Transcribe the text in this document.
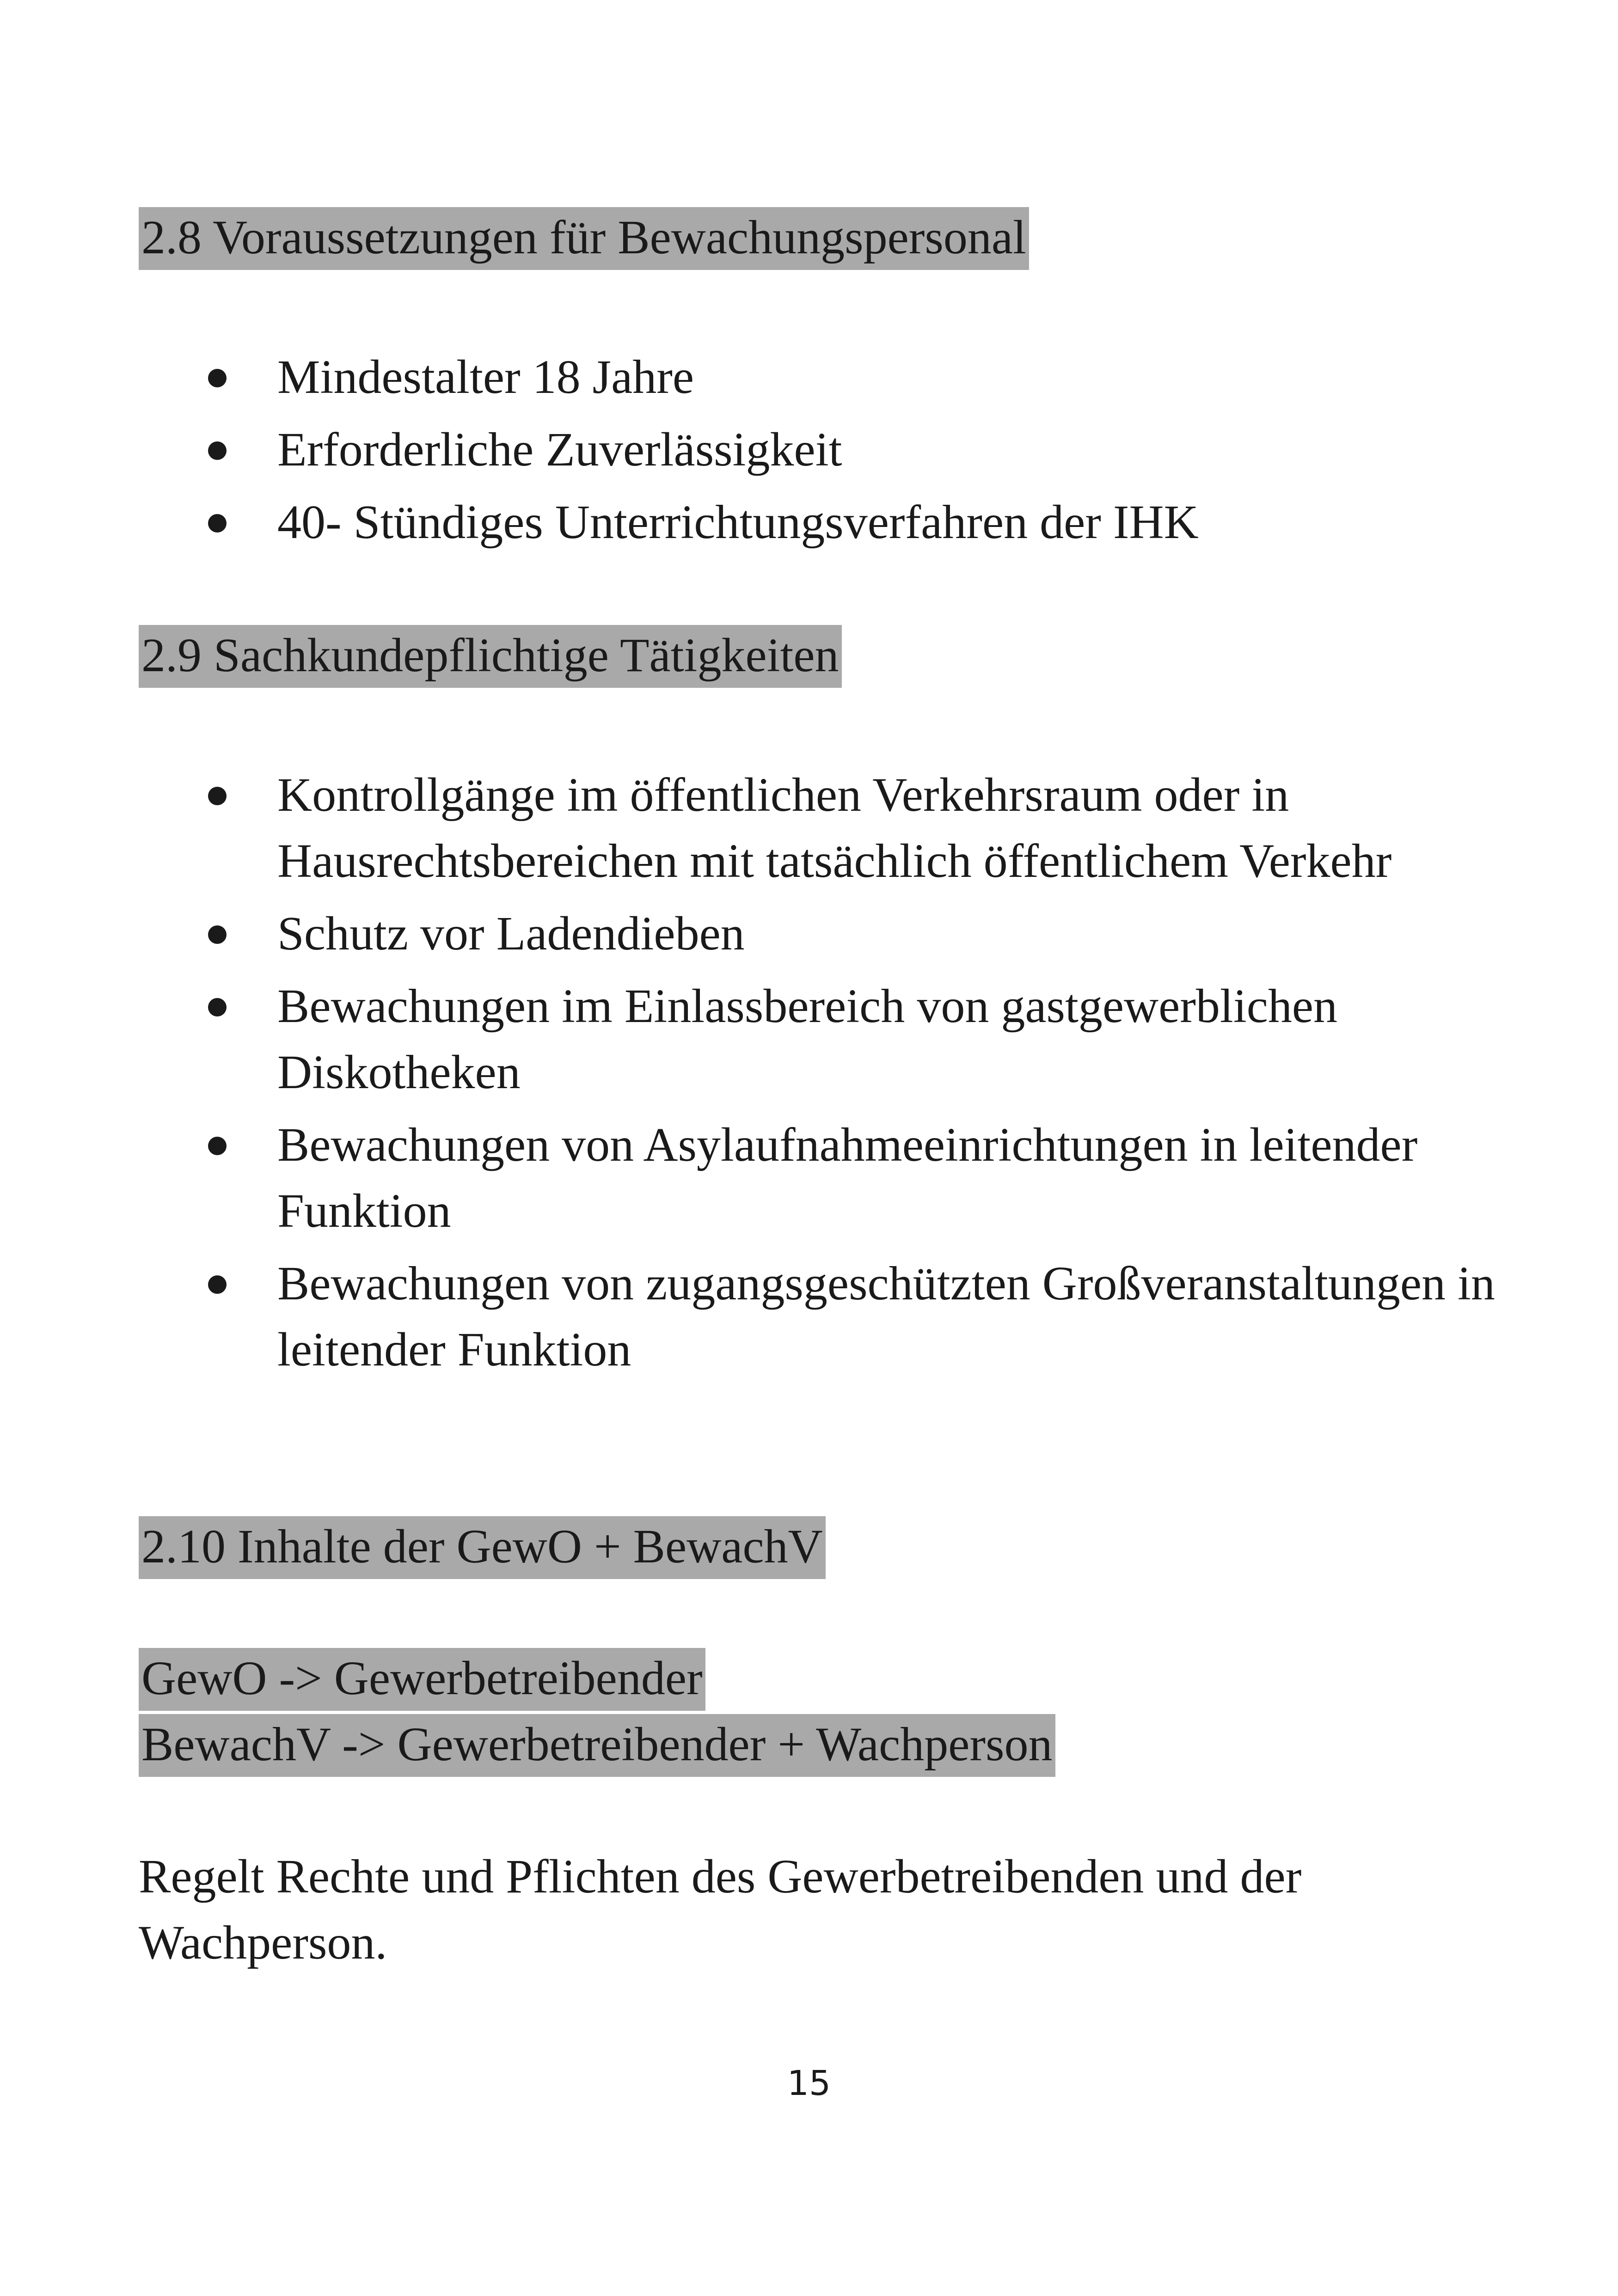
2.8 Voraussetzungen für Bewachungspersonal
Mindestalter 18 Jahre
Erforderliche Zuverlässigkeit
40- Stündiges Unterrichtungsverfahren der IHK
2.9 Sachkundepflichtige Tätigkeiten
Kontrollgänge im öffentlichen Verkehrsraum oder in Hausrechtsbereichen mit tatsächlich öffentlichem Verkehr
Schutz vor Ladendieben
Bewachungen im Einlassbereich von gastgewerblichen Diskotheken
Bewachungen von Asylaufnahmeeinrichtungen in leitender Funktion
Bewachungen von zugangsgeschützten Großveranstaltungen in leitender Funktion
2.10 Inhalte der GewO + BewachV
GewO -> Gewerbetreibender
BewachV -> Gewerbetreibender + Wachperson

Regelt Rechte und Pflichten des Gewerbetreibenden und der Wachperson.

15
